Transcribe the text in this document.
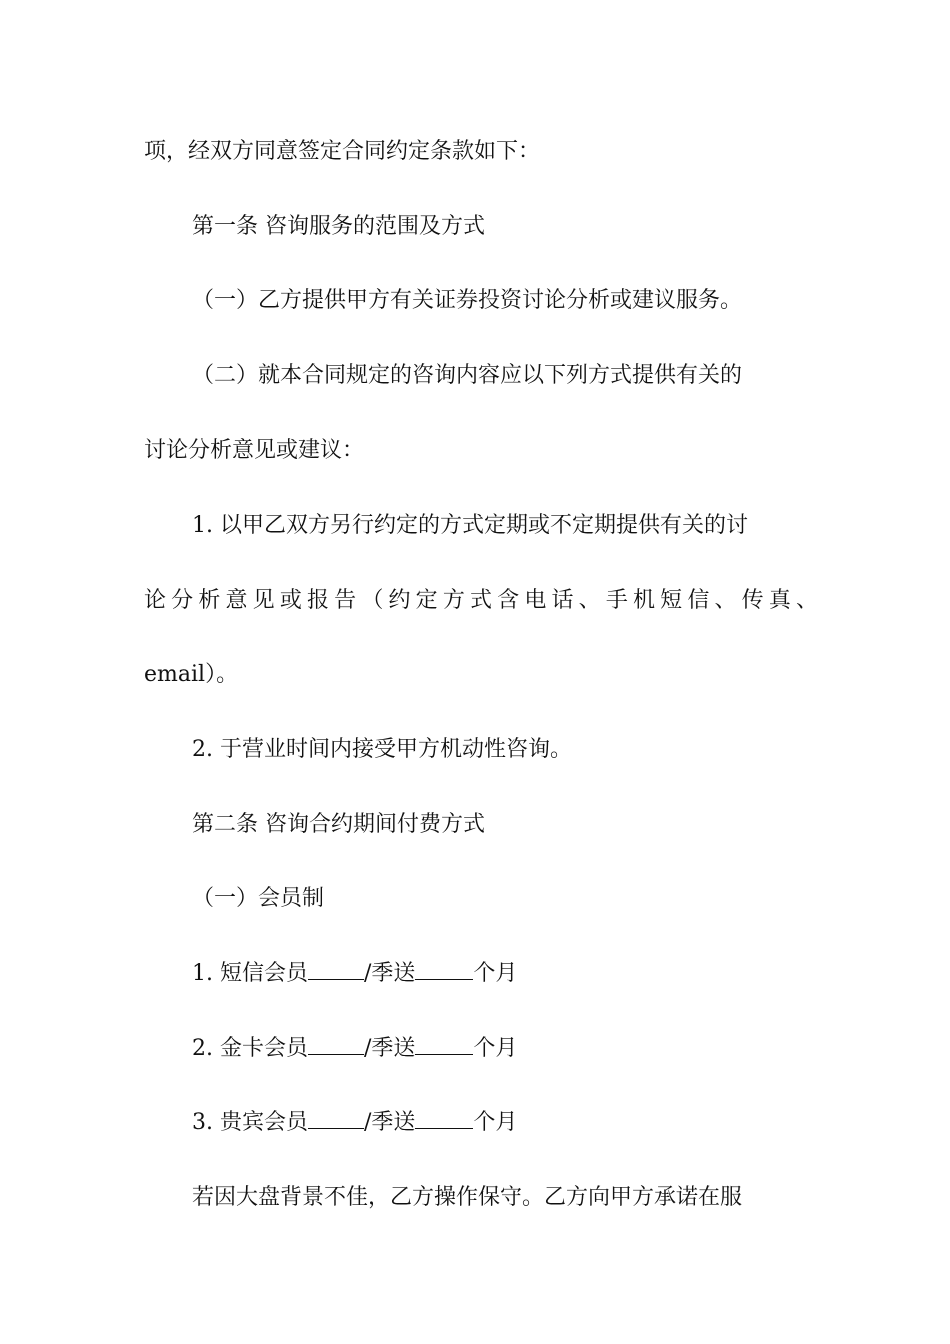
项，经双方同意签定合同约定条款如下：
第一条 咨询服务的范围及方式
（一）乙方提供甲方有关证券投资讨论分析或建议服务。
（二）就本合同规定的咨询内容应以下列方式提供有关的
讨论分析意见或建议：
1. 以甲乙双方另行约定的方式定期或不定期提供有关的讨
论分析意见或报告（约定方式含电话、手机短信、传真、
email）。
2. 于营业时间内接受甲方机动性咨询。
第二条 咨询合约期间付费方式
（一）会员制
1. 短信会员	/季送	个月
2. 金卡会员	/季送	个月
3. 贵宾会员	/季送	个月
若因大盘背景不佳，乙方操作保守。乙方向甲方承诺在服
